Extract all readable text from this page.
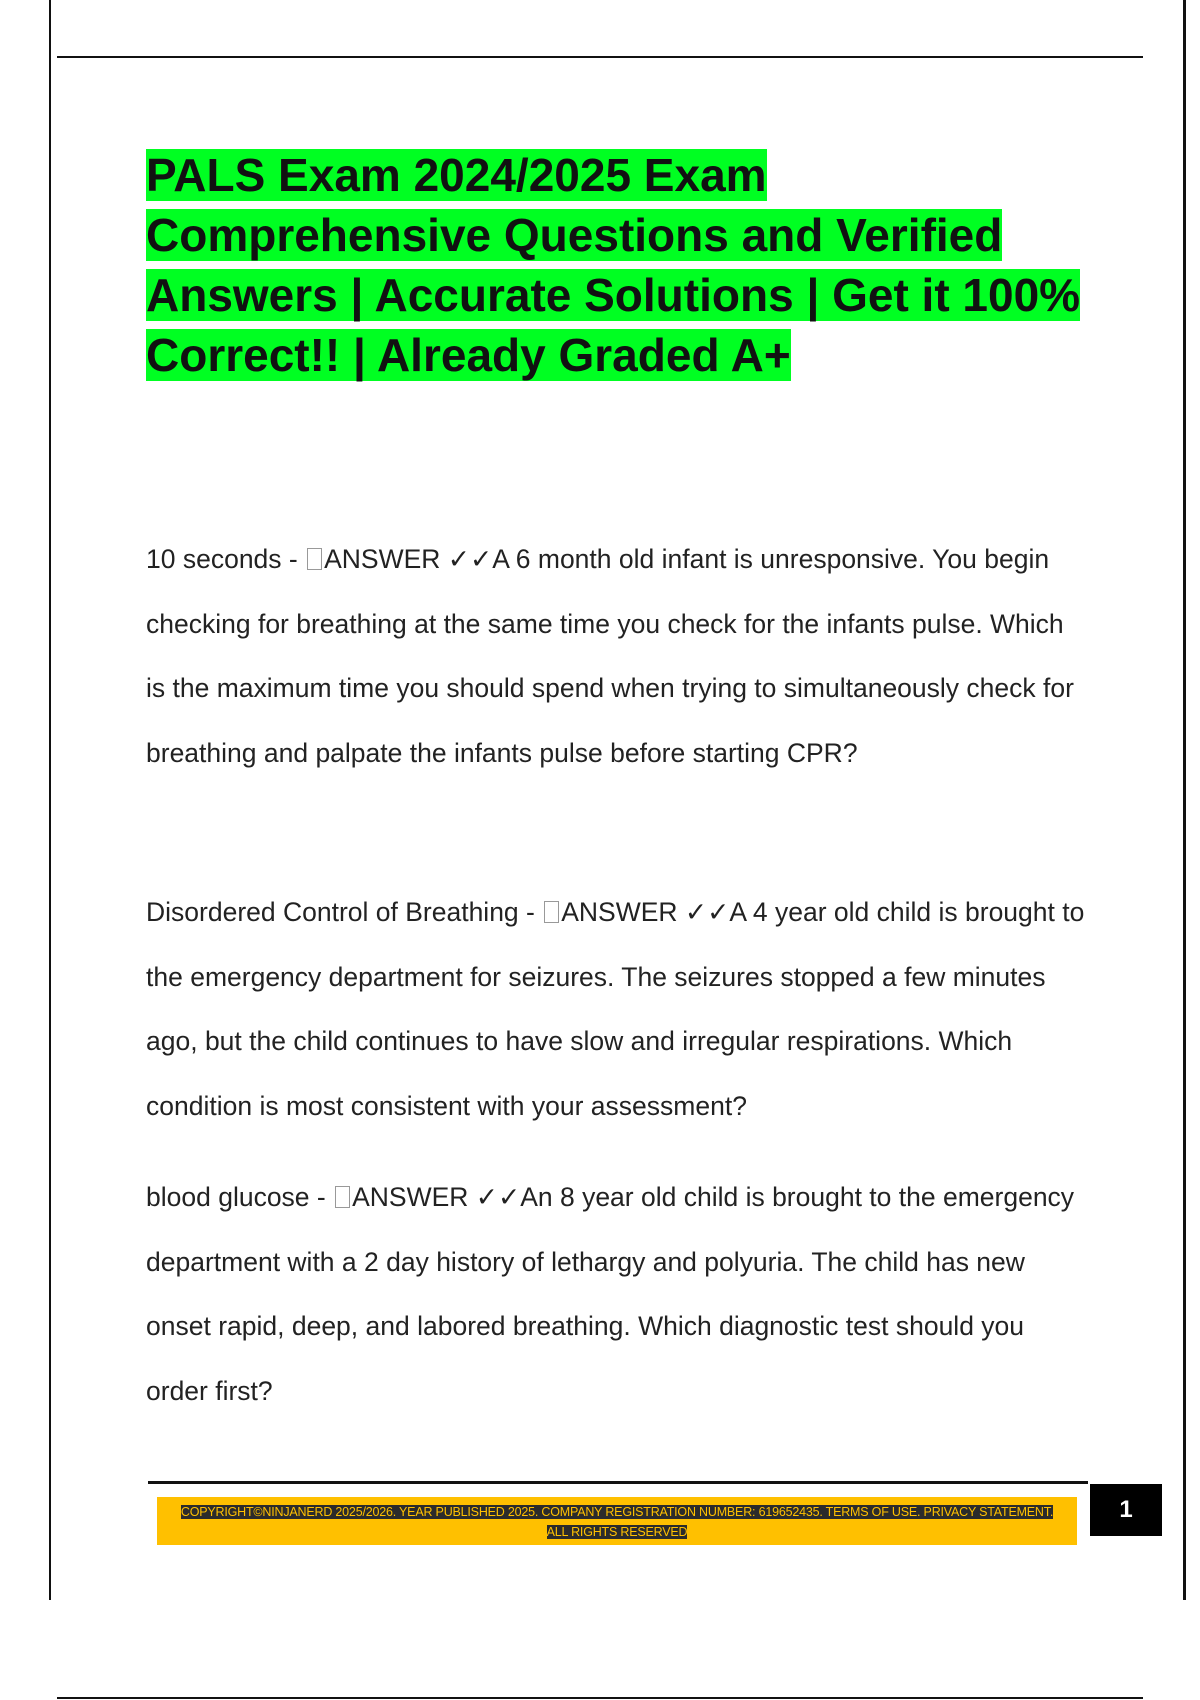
PALS Exam 2024/2025 Exam Comprehensive Questions and Verified Answers | Accurate Solutions | Get it 100% Correct!! | Already Graded A+

10 seconds - ANSWER ✓✓A 6 month old infant is unresponsive. You begin checking for breathing at the same time you check for the infants pulse. Which is the maximum time you should spend when trying to simultaneously check for breathing and palpate the infants pulse before starting CPR?

Disordered Control of Breathing - ANSWER ✓✓A 4 year old child is brought to the emergency department for seizures. The seizures stopped a few minutes ago, but the child continues to have slow and irregular respirations. Which condition is most consistent with your assessment?

blood glucose - ANSWER ✓✓An 8 year old child is brought to the emergency department with a 2 day history of lethargy and polyuria. The child has new onset rapid, deep, and labored breathing. Which diagnostic test should you order first?

COPYRIGHT©NINJANERD 2025/2026. YEAR PUBLISHED 2025. COMPANY REGISTRATION NUMBER: 619652435. TERMS OF USE. PRIVACY STATEMENT. ALL RIGHTS RESERVED

1
